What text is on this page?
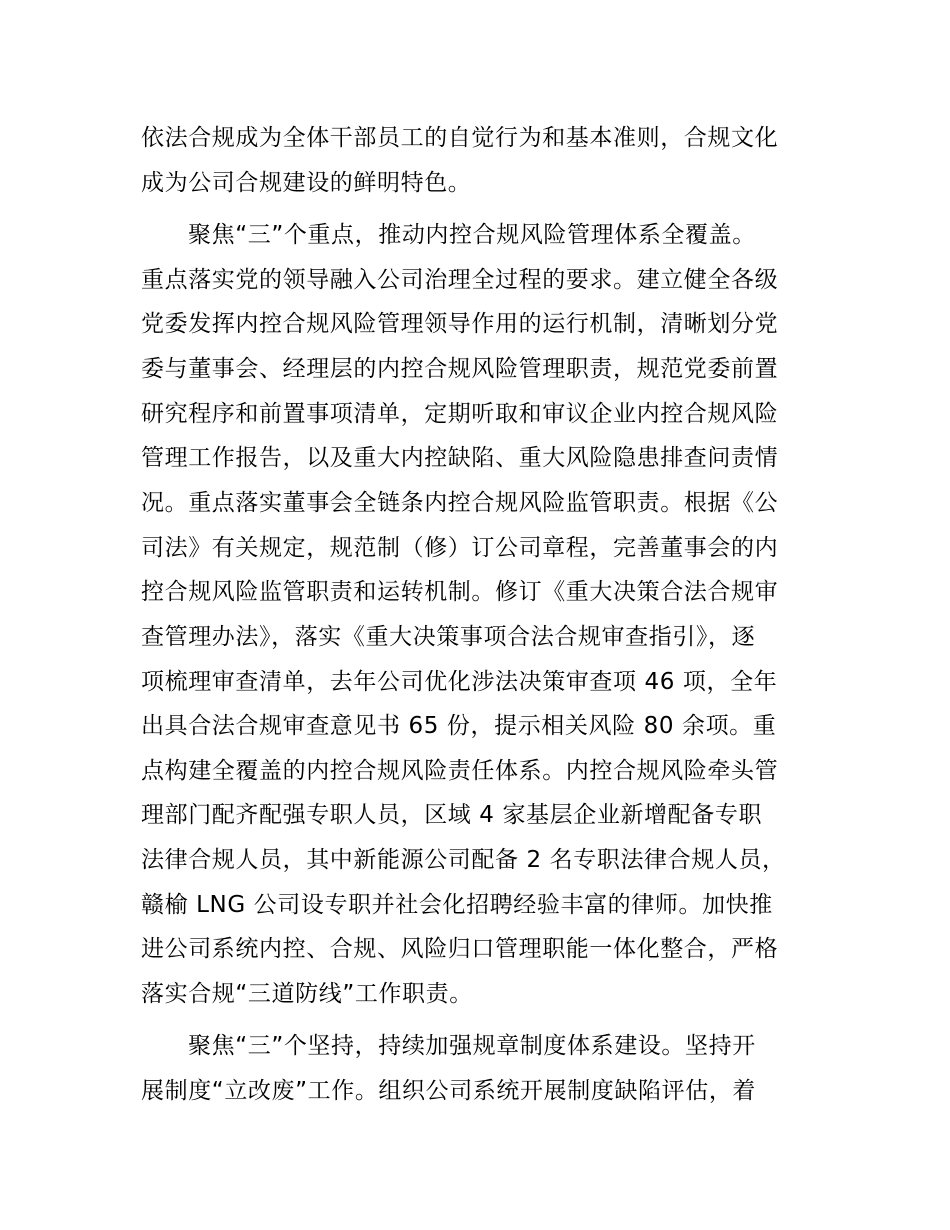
依法合规成为全体干部员工的自觉行为和基本准则，合规文化
成为公司合规建设的鲜明特色。
聚焦“三”个重点，推动内控合规风险管理体系全覆盖。
重点落实党的领导融入公司治理全过程的要求。建立健全各级
党委发挥内控合规风险管理领导作用的运行机制，清晰划分党
委与董事会、经理层的内控合规风险管理职责，规范党委前置
研究程序和前置事项清单，定期听取和审议企业内控合规风险
管理工作报告，以及重大内控缺陷、重大风险隐患排查问责情
况。重点落实董事会全链条内控合规风险监管职责。根据《公
司法》有关规定，规范制（修）订公司章程，完善董事会的内
控合规风险监管职责和运转机制。修订《重大决策合法合规审
查管理办法》，落实《重大决策事项合法合规审查指引》，逐
项梳理审查清单，去年公司优化涉法决策审查项 46 项，全年
出具合法合规审查意见书 65 份，提示相关风险 80 余项。重
点构建全覆盖的内控合规风险责任体系。内控合规风险牵头管
理部门配齐配强专职人员，区域 4 家基层企业新增配备专职
法律合规人员，其中新能源公司配备 2 名专职法律合规人员，
赣榆 LNG 公司设专职并社会化招聘经验丰富的律师。加快推
进公司系统内控、合规、风险归口管理职能一体化整合，严格
落实合规“三道防线”工作职责。
聚焦“三”个坚持，持续加强规章制度体系建设。坚持开
展制度“立改废”工作。组织公司系统开展制度缺陷评估，着
